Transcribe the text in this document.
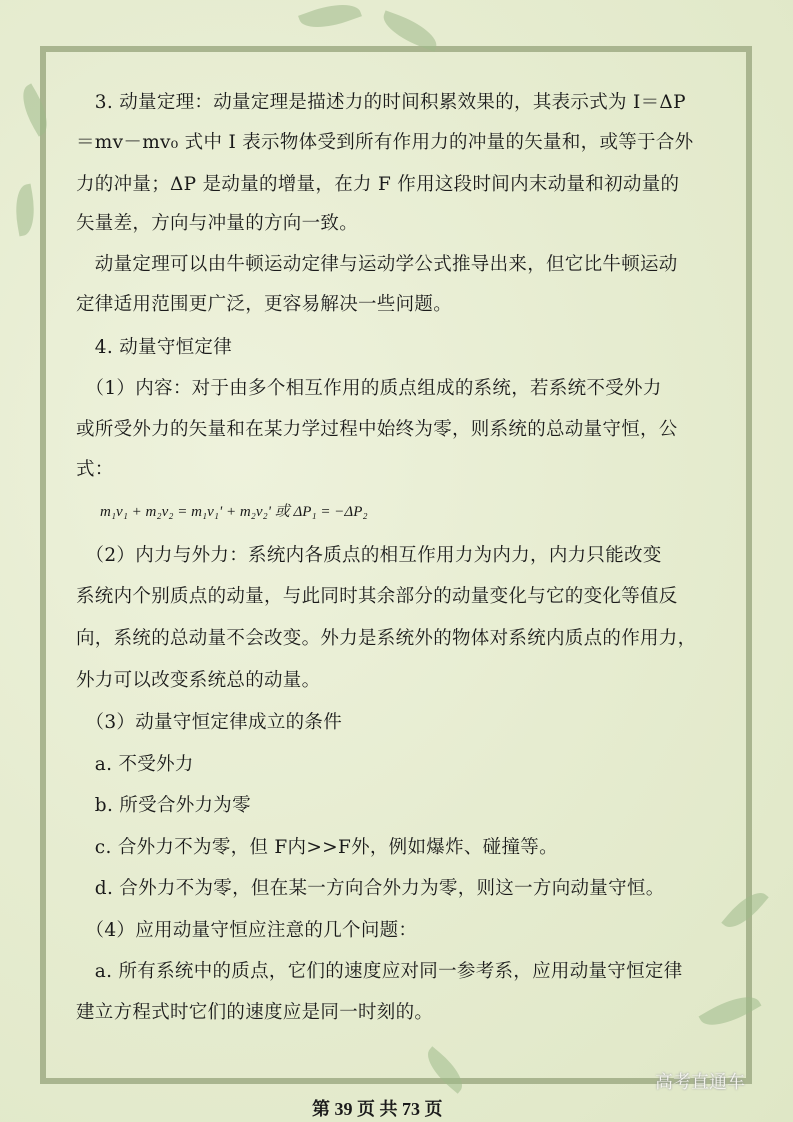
　3. 动量定理：动量定理是描述力的时间积累效果的，其表示式为 I＝ΔP
＝mv－mv₀ 式中 I 表示物体受到所有作用力的冲量的矢量和，或等于合外
力的冲量；ΔP 是动量的增量，在力 F 作用这段时间内末动量和初动量的
矢量差，方向与冲量的方向一致。
　动量定理可以由牛顿运动定律与运动学公式推导出来，但它比牛顿运动
定律适用范围更广泛，更容易解决一些问题。
　4. 动量守恒定律
　（1）内容：对于由多个相互作用的质点组成的系统，若系统不受外力
或所受外力的矢量和在某力学过程中始终为零，则系统的总动量守恒，公
式：
m₁v₁ + m₂v₂ = m₁v₁' + m₂v₂' 或 ΔP₁ = −ΔP₂
　（2）内力与外力：系统内各质点的相互作用力为内力，内力只能改变
系统内个别质点的动量，与此同时其余部分的动量变化与它的变化等值反
向，系统的总动量不会改变。外力是系统外的物体对系统内质点的作用力，
外力可以改变系统总的动量。
　（3）动量守恒定律成立的条件
　a. 不受外力
　b. 所受合外力为零
　c. 合外力不为零，但 F内>>F外，例如爆炸、碰撞等。
　d. 合外力不为零，但在某一方向合外力为零，则这一方向动量守恒。
　（4）应用动量守恒应注意的几个问题：
　a. 所有系统中的质点，它们的速度应对同一参考系，应用动量守恒定律
建立方程式时它们的速度应是同一时刻的。
高考直通车
第 39 页 共 73 页
